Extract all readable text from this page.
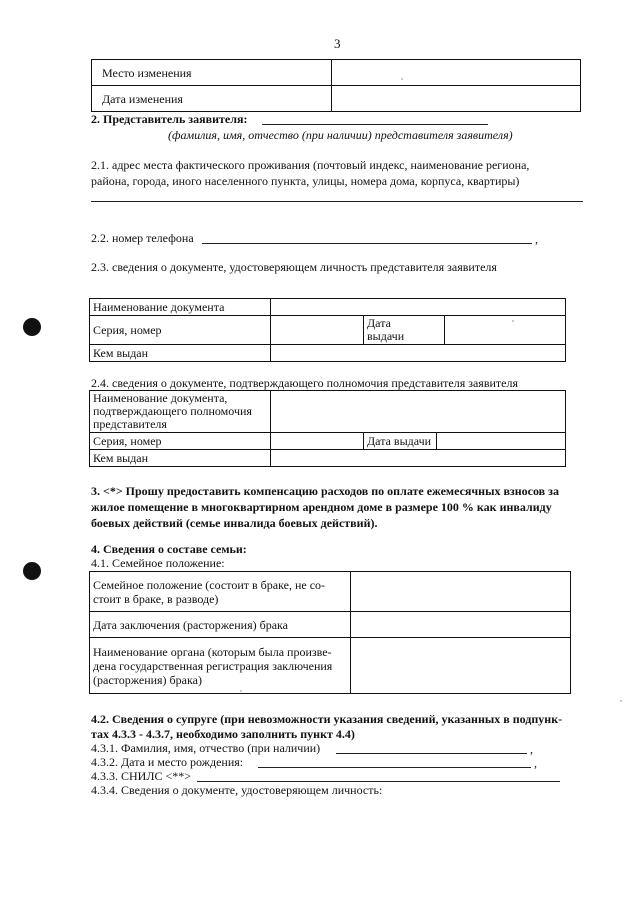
3
Место изменения	
Дата изменения	
2. Представитель заявителя:
(фамилия, имя, отчество (при наличии) представителя заявителя)
2.1. адрес места фактического проживания (почтовый индекс, наименование региона,
района, города, иного населенного пункта, улицы, номера дома, корпуса, квартиры)
2.2. номер телефона	,
2.3. сведения о документе, удостоверяющем личность представителя заявителя
Наименование документа			
Серия, номер		Дата
выдачи	
Кем выдан			
2.4. сведения о документе, подтверждающего полномочия представителя заявителя
Наименование документа,
подтверждающего полномочия
представителя			
Серия, номер		Дата выдачи	
Кем выдан			
3. <*> Прошу предоставить компенсацию расходов по оплате ежемесячных взносов за
жилое помещение в многоквартирном арендном доме в размере 100 % как инвалиду
боевых действий (семье инвалида боевых действий).
4. Сведения о составе семьи:
4.1. Семейное положение:
Семейное положение (состоит в браке, не со-
стоит в браке, в разводе)	
Дата заключения (расторжения) брака	
Наименование органа (которым была произве-
дена государственная регистрация заключения
(расторжения) брака)	
4.2. Сведения о супруге (при невозможности указания сведений, указанных в подпунк-
тах 4.3.3 - 4.3.7, необходимо заполнить пункт 4.4)
4.3.1. Фамилия, имя, отчество (при наличии)	,
4.3.2. Дата и место рождения:	,
4.3.3. СНИЛС <**>
4.3.4. Сведения о документе, удостоверяющем личность:
